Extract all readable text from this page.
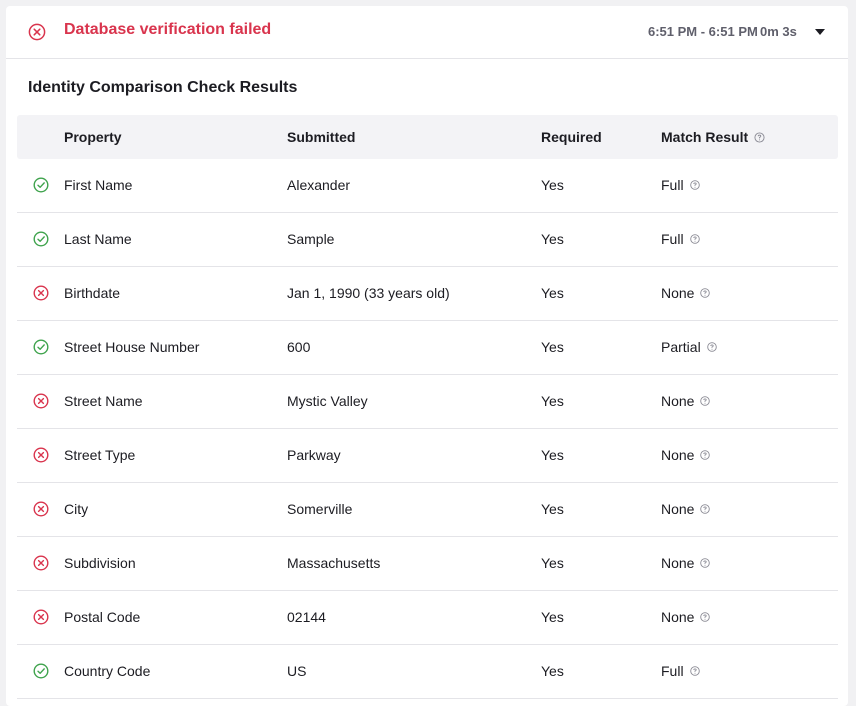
Database verification failed	6:51 PM - 6:51 PM 0m 3s
Identity Comparison Check Results
Property	Submitted	Required	Match Result
First Name	Alexander	Yes	Full
Last Name	Sample	Yes	Full
Birthdate	Jan 1, 1990 (33 years old)	Yes	None
Street House Number	600	Yes	Partial
Street Name	Mystic Valley	Yes	None
Street Type	Parkway	Yes	None
City	Somerville	Yes	None
Subdivision	Massachusetts	Yes	None
Postal Code	02144	Yes	None
Country Code	US	Yes	Full
